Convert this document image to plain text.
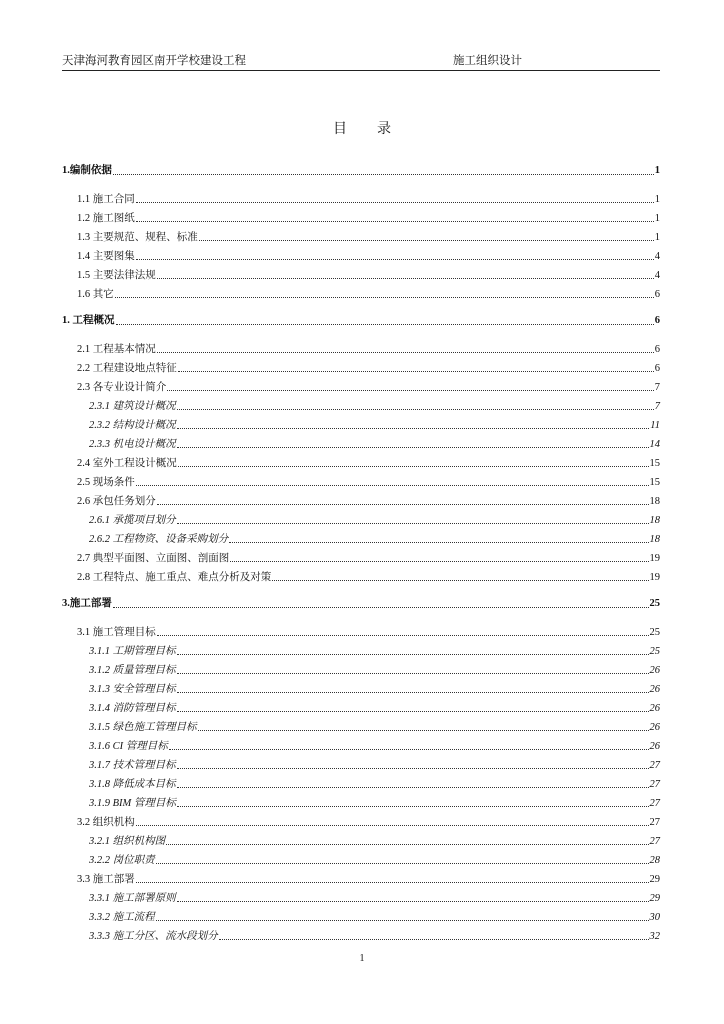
天津海河教育园区南开学校建设工程	施工组织设计
目录
1.编制依据	1
1.1 施工合同	1
1.2 施工图纸	1
1.3 主要规范、规程、标准	1
1.4 主要图集	4
1.5 主要法律法规	4
1.6 其它	6
1. 工程概况	6
2.1 工程基本情况	6
2.2 工程建设地点特征	6
2.3 各专业设计简介	7
2.3.1 建筑设计概况	7
2.3.2 结构设计概况	11
2.3.3 机电设计概况	14
2.4 室外工程设计概况	15
2.5 现场条件	15
2.6 承包任务划分	18
2.6.1 承揽项目划分	18
2.6.2 工程物资、设备采购划分	18
2.7 典型平面图、立面图、剖面图	19
2.8 工程特点、施工重点、难点分析及对策	19
3.施工部署	25
3.1 施工管理目标	25
3.1.1 工期管理目标	25
3.1.2 质量管理目标	26
3.1.3 安全管理目标	26
3.1.4 消防管理目标	26
3.1.5 绿色施工管理目标	26
3.1.6 CI 管理目标	26
3.1.7 技术管理目标	27
3.1.8 降低成本目标	27
3.1.9 BIM 管理目标	27
3.2 组织机构	27
3.2.1 组织机构图	27
3.2.2 岗位职责	28
3.3 施工部署	29
3.3.1 施工部署原则	29
3.3.2 施工流程	30
3.3.3 施工分区、流水段划分	32
1
